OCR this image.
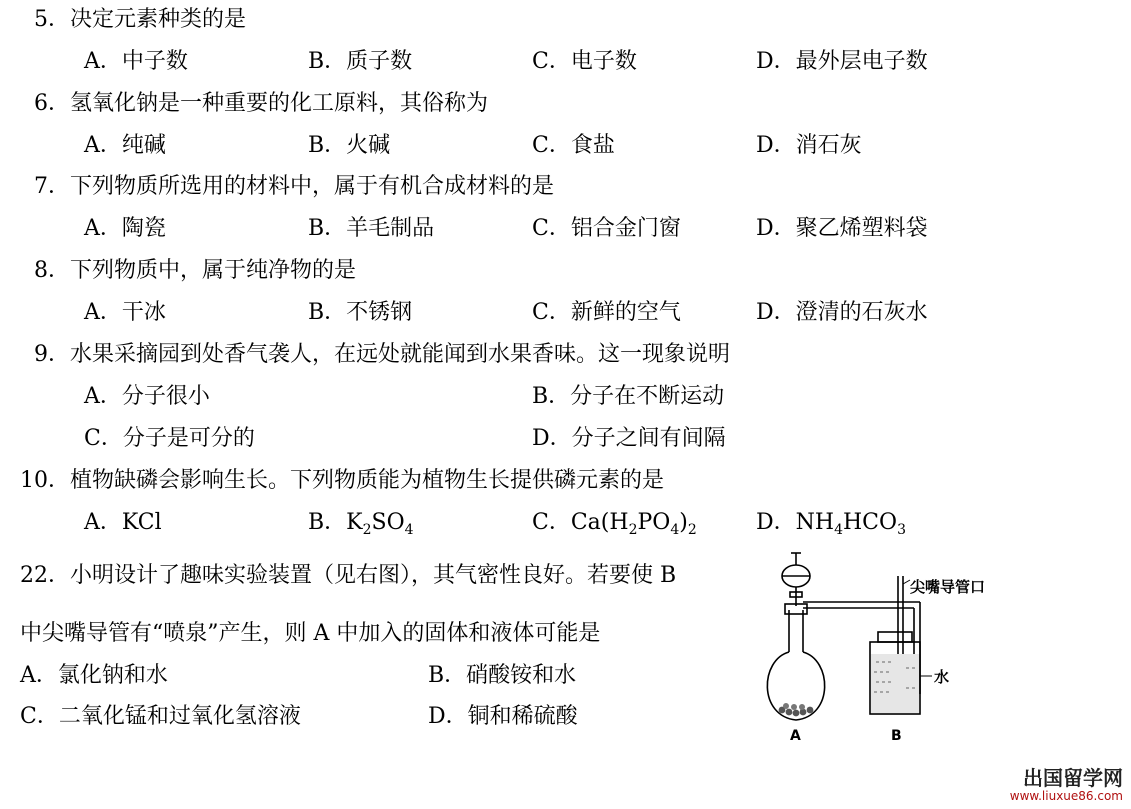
5．决定元素种类的是
A．中子数	B．质子数	C．电子数	D．最外层电子数
6．氢氧化钠是一种重要的化工原料，其俗称为
A．纯碱	B．火碱	C．食盐	D．消石灰
7．下列物质所选用的材料中，属于有机合成材料的是
A．陶瓷	B．羊毛制品	C．铝合金门窗	D．聚乙烯塑料袋
8．下列物质中，属于纯净物的是
A．干冰	B．不锈钢	C．新鲜的空气	D．澄清的石灰水
9．水果采摘园到处香气袭人，在远处就能闻到水果香味。这一现象说明
A．分子很小	B．分子在不断运动
C．分子是可分的	D．分子之间有间隔
10．植物缺磷会影响生长。下列物质能为植物生长提供磷元素的是
A．KCl	B．$K_2SO_4$	C．$Ca(H_2PO_4)_2$	D．$NH_4HCO_3$
22．小明设计了趣味实验装置（见右图），其气密性良好。若要使 B
中尖嘴导管有“喷泉”产生，则 A 中加入的固体和液体可能是
A．氯化钠和水	B．硝酸铵和水
C．二氧化锰和过氧化氢溶液	D．铜和稀硫酸
尖嘴导管口
水
A	B
出国留学网
www.liuxue86.com
